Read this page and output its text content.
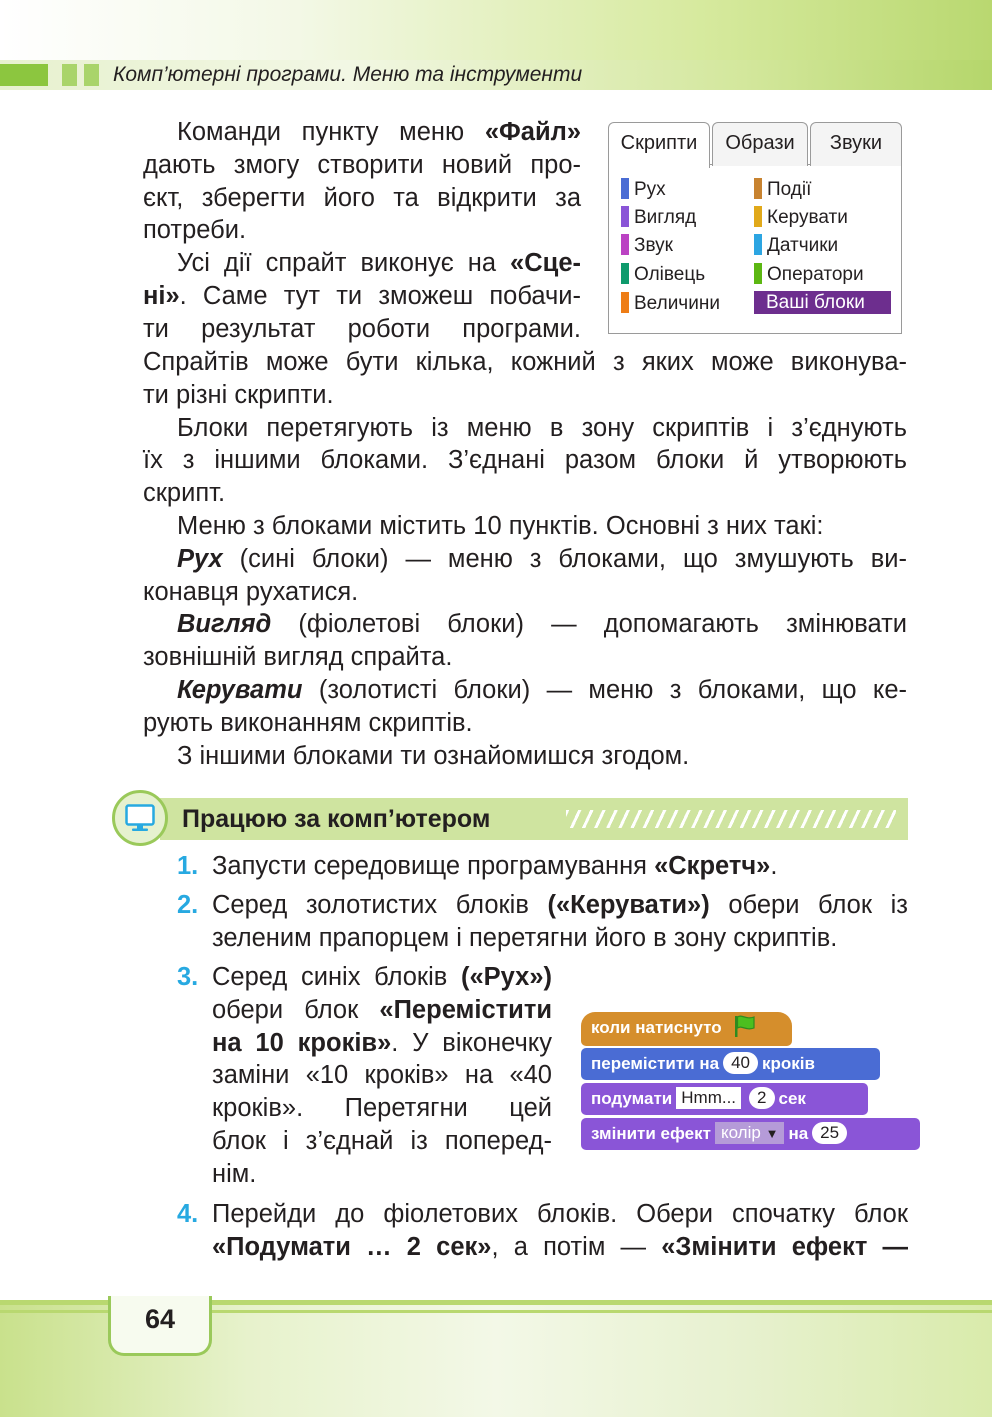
Комп’ютерні програми. Меню та інструменти

Команди пункту меню «Файл»

дають змогу створити новий про-

єкт, зберегти його та відкрити за

потреби.

Усі дії спрайт виконує на «Сце-

ні». Саме тут ти зможеш побачи-

ти результат роботи програми.

Скрипти	Образи	Звуки
Рух
Вигляд
Звук
Олівець
Величини
Події
Керувати
Датчики
Оператори
Ваші блоки

Спрайтів може бути кілька, кожний з яких може виконува-

ти різні скрипти.

Блоки перетягують із меню в зону скриптів і з’єднують

їх з іншими блоками. З’єднані разом блоки й утворюють

скрипт.

Меню з блоками містить 10 пунктів. Основні з них такі:

Рух (сині блоки) — меню з блоками, що змушують ви-

конавця рухатися.

Вигляд (фіолетові блоки) — допомагають змінювати

зовнішній вигляд спрайта.

Керувати (золотисті блоки) — меню з блоками, що ке-

рують виконанням скриптів.

З іншими блоками ти ознайомишся згодом.

Працюю за комп’ютером
1. Запусти середовище програмування «Скретч».

2. Серед золотистих блоків («Керувати») обери блок із

зеленим прапорцем і перетягни його в зону скриптів.

3. Серед синіх блоків («Рух»)

обери блок «Перемістити

на 10 кроків». У віконечку

заміни «10 кроків» на «40

кроків». Перетягни цей

блок і з’єднай із поперед-

нім.

коли натиснуто
перемістити на 40 кроків
подумати Hmm... 2 сек
змінити ефект колір ▼ на 25
4. Перейди до фіолетових блоків. Обери спочатку блок

«Подумати … 2 сек», а потім — «Змінити ефект —

64
